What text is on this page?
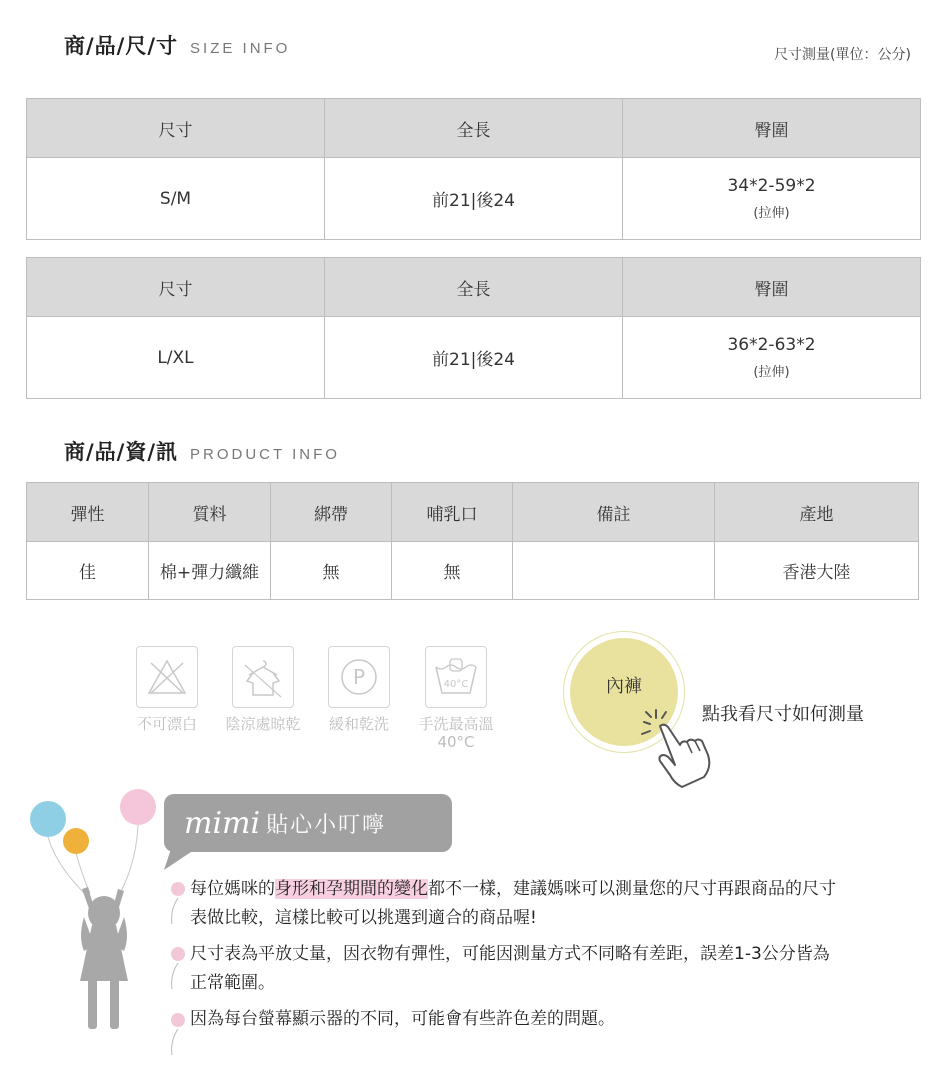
商/品/尺/寸 SIZE INFO	尺寸測量(單位：公分)
尺寸	全長	臀圍
S/M	前21|後24	34*2-59*2
(拉伸)
尺寸	全長	臀圍
L/XL	前21|後24	36*2-63*2
(拉伸)
商/品/資/訊 PRODUCT INFO
彈性	質料	綁帶	哺乳口	備註	產地
佳	棉+彈力纖維	無	無		香港大陸
不可漂白	陰涼處晾乾
P
緩和乾洗
40°C
手洗最高溫
40°C
內褲
點我看尺寸如何測量
mimi 貼心小叮嚀
每位媽咪的身形和孕期間的變化都不一樣，建議媽咪可以測量您的尺寸再跟商品的尺寸
表做比較，這樣比較可以挑選到適合的商品喔!
尺寸表為平放丈量，因衣物有彈性，可能因測量方式不同略有差距，誤差1-3公分皆為
正常範圍。
因為每台螢幕顯示器的不同，可能會有些許色差的問題。
